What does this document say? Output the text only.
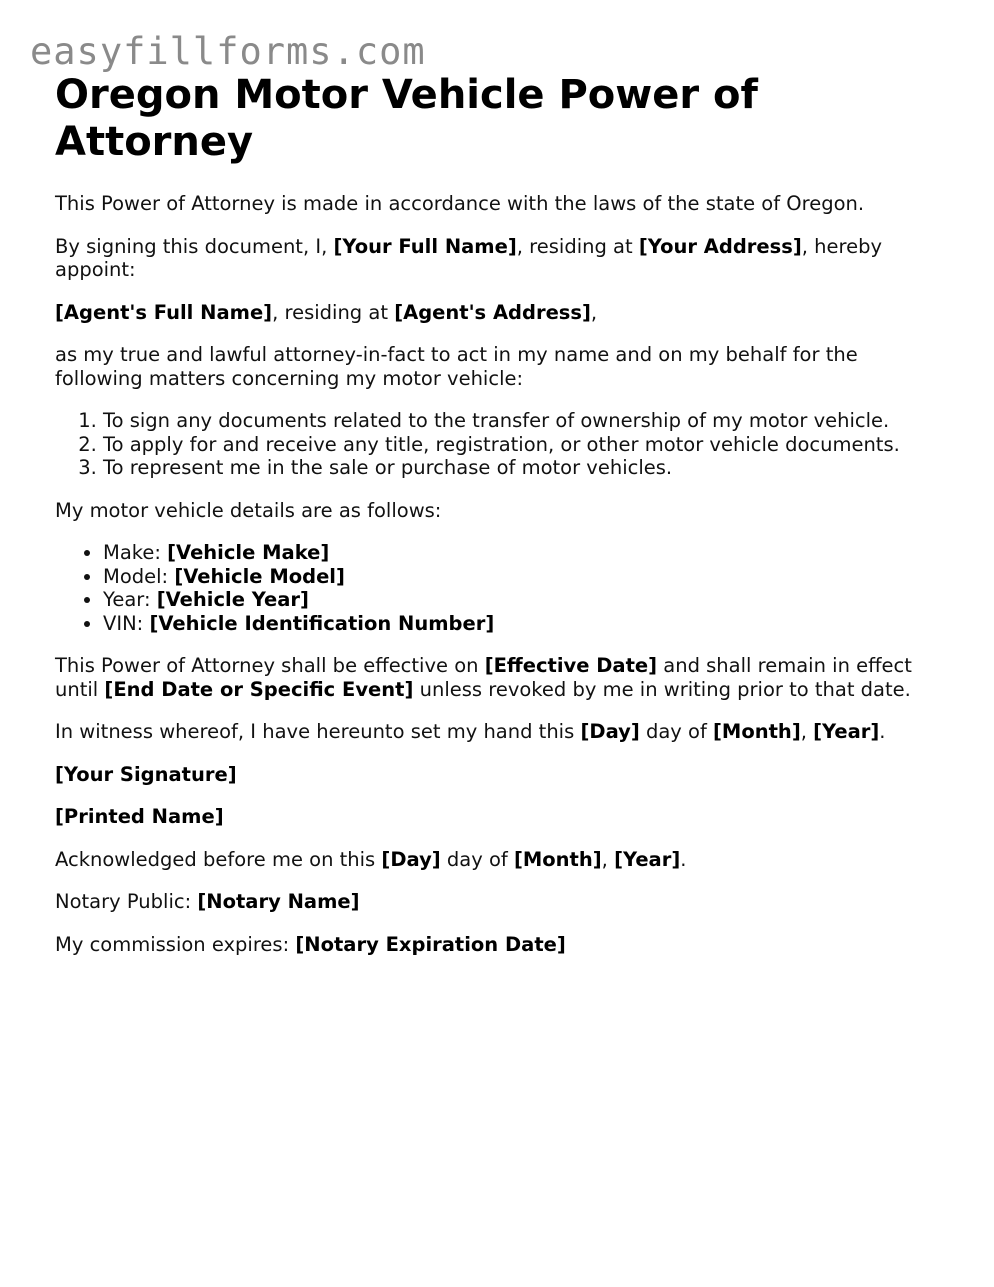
easyfillforms.com
Oregon Motor Vehicle Power of Attorney

This Power of Attorney is made in accordance with the laws of the state of Oregon.

By signing this document, I, [Your Full Name], residing at [Your Address], hereby appoint:

[Agent's Full Name], residing at [Agent's Address],

as my true and lawful attorney-in-fact to act in my name and on my behalf for the following matters concerning my motor vehicle:

1. To sign any documents related to the transfer of ownership of my motor vehicle.
2. To apply for and receive any title, registration, or other motor vehicle documents.
3. To represent me in the sale or purchase of motor vehicles.

My motor vehicle details are as follows:

• Make: [Vehicle Make]
• Model: [Vehicle Model]
• Year: [Vehicle Year]
• VIN: [Vehicle Identification Number]

This Power of Attorney shall be effective on [Effective Date] and shall remain in effect until [End Date or Specific Event] unless revoked by me in writing prior to that date.

In witness whereof, I have hereunto set my hand this [Day] day of [Month], [Year].

[Your Signature]

[Printed Name]

Acknowledged before me on this [Day] day of [Month], [Year].

Notary Public: [Notary Name]

My commission expires: [Notary Expiration Date]
